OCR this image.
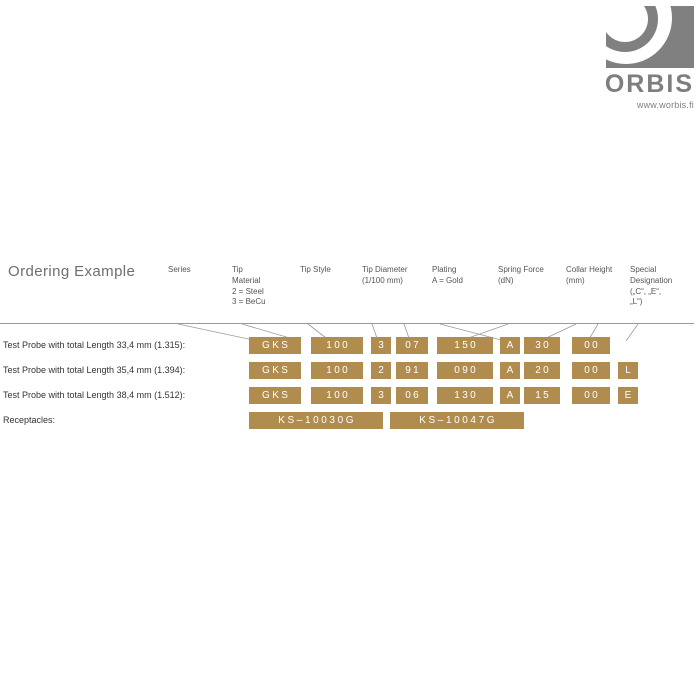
ORBIS
www.worbis.fi
Ordering Example	Series	Tip
Material
2 = Steel
3 = BeCu
Tip Style	Tip Diameter
(1/100 mm)
Plating
A = Gold
Spring Force
(dN)
Collar Height
(mm)
Special
Designation
(„C“, „E“,
„L“)
Test Probe with total Length 33,4 mm (1.315):	GKS	100	3	07	150	A	30	00
Test Probe with total Length 35,4 mm (1.394):	GKS	100	2	91	090	A	20	00	L
Test Probe with total Length 38,4 mm (1.512):	GKS	100	3	06	130	A	15	00	E
Receptacles:	KS–10030G	KS–10047G
